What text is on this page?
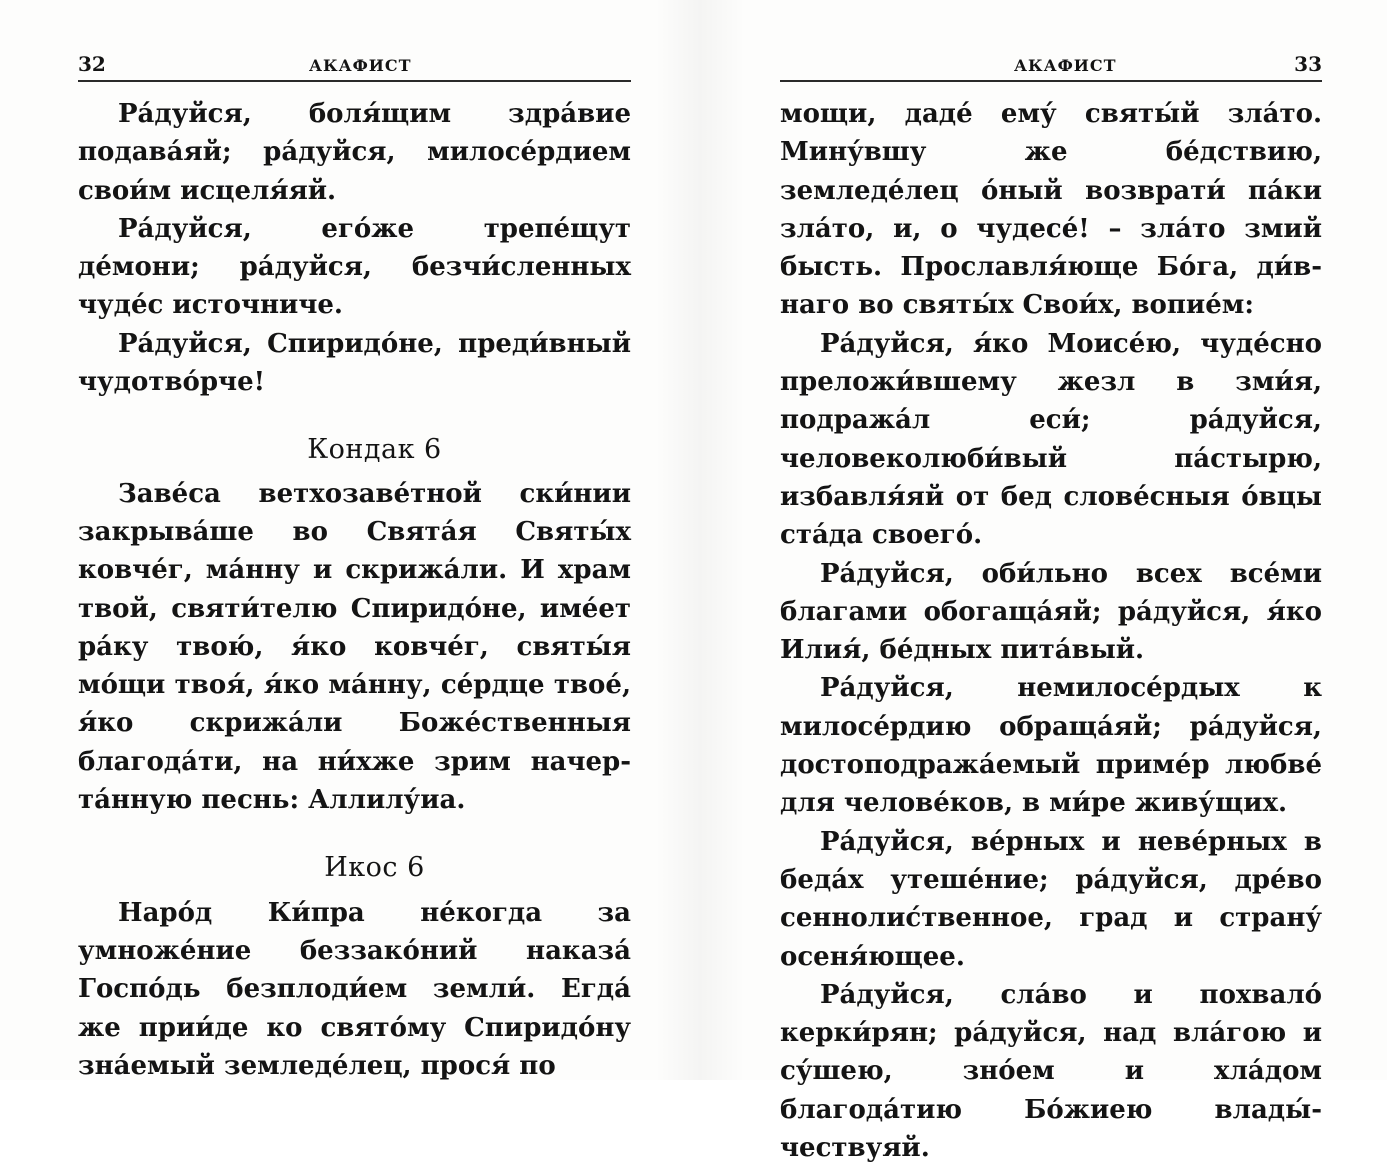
32	АКАФИСТ

Ра́дуйся, боля́щим здра́вие подава́яй; ра́дуйся, милосе́рдием свои́м исцеля́яй.

Ра́дуйся, его́же трепе́щут де́мони; ра́дуйся, безчи́сленных чуде́с источниче.

Ра́дуйся, Спиридо́не, преди́вный чудотво́рче!

Кондак 6

Заве́са ветхозаве́тной ски́нии закрыва́ше во Свята́я Святы́х ковче́г, ма́нну и скрижа́ли. И храм твой, святи́телю Спиридо́не, име́ет ра́ку твою́, я́ко ковче́г, святы́я мо́щи твоя́, я́ко ма́нну, се́рдце твое́, я́ко скрижа́ли Боже́ственныя благода́ти, на ни́хже зрим начерта́нную песнь: Аллилу́иа.

Икос 6

Наро́д Ки́пра не́когда за умноже́ние беззако́ний наказа́ Госпо́дь безплоди́ем земли́. Егда́ же прии́де ко свято́му Спиридо́ну зна́емый земледе́лец, прося́ по

АКАФИСТ	33

мощи, даде́ ему́ святы́й зла́то. Мину́вшу же бе́дствию, земледе́лец о́ный возврати́ па́ки зла́то, и, о чудесе́! – зла́то змий бысть. Прославля́юще Бо́га, ди́внаго во святы́х Свои́х, вопие́м:

Ра́дуйся, я́ко Моисе́ю, чуде́сно преложи́вшему жезл в зми́я, подража́л еси́; ра́дуйся, человеколюби́вый па́стырю, избавля́яй от бед слове́сныя о́вцы ста́да своего́.

Ра́дуйся, оби́льно всех все́ми благами обогаща́яй; ра́дуйся, я́ко Илия́, бе́дных пита́вый.

Ра́дуйся, немилосе́рдых к милосе́рдию обраща́яй; ра́дуйся, достоподража́емый приме́р любве́ для челове́ков, в ми́ре живу́щих.

Ра́дуйся, ве́рных и неве́рных в беда́х утеше́ние; ра́дуйся, дре́во сеннолис́твенное, град и страну́ осеня́ющее.

Ра́дуйся, сла́во и похвало́ керки́рян; ра́дуйся, над вла́гою и су́шею, зно́ем и хла́дом благода́тию Бо́жиею влады́чествуяй.
